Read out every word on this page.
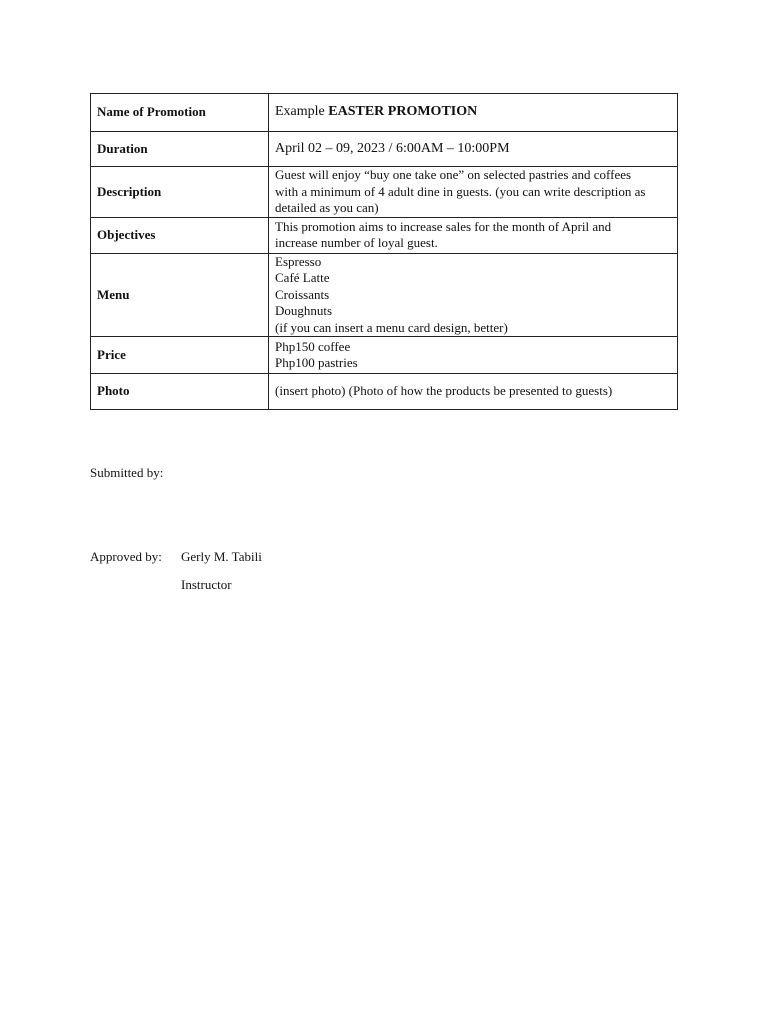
Name of Promotion	Example EASTER PROMOTION
Duration	April 02 – 09, 2023 / 6:00AM – 10:00PM
Description	Guest will enjoy “buy one take one” on selected pastries and coffees
with a minimum of 4 adult dine in guests. (you can write description as
detailed as you can)

Objectives	This promotion aims to increase sales for the month of April and
increase number of loyal guest.

Menu	Espresso
Café Latte
Croissants
Doughnuts
(if you can insert a menu card design, better)

Price	Php150 coffee
Php100 pastries

Photo	(insert photo) (Photo of how the products be presented to guests)
Submitted by:
Approved by: Gerly M. Tabili
Instructor
